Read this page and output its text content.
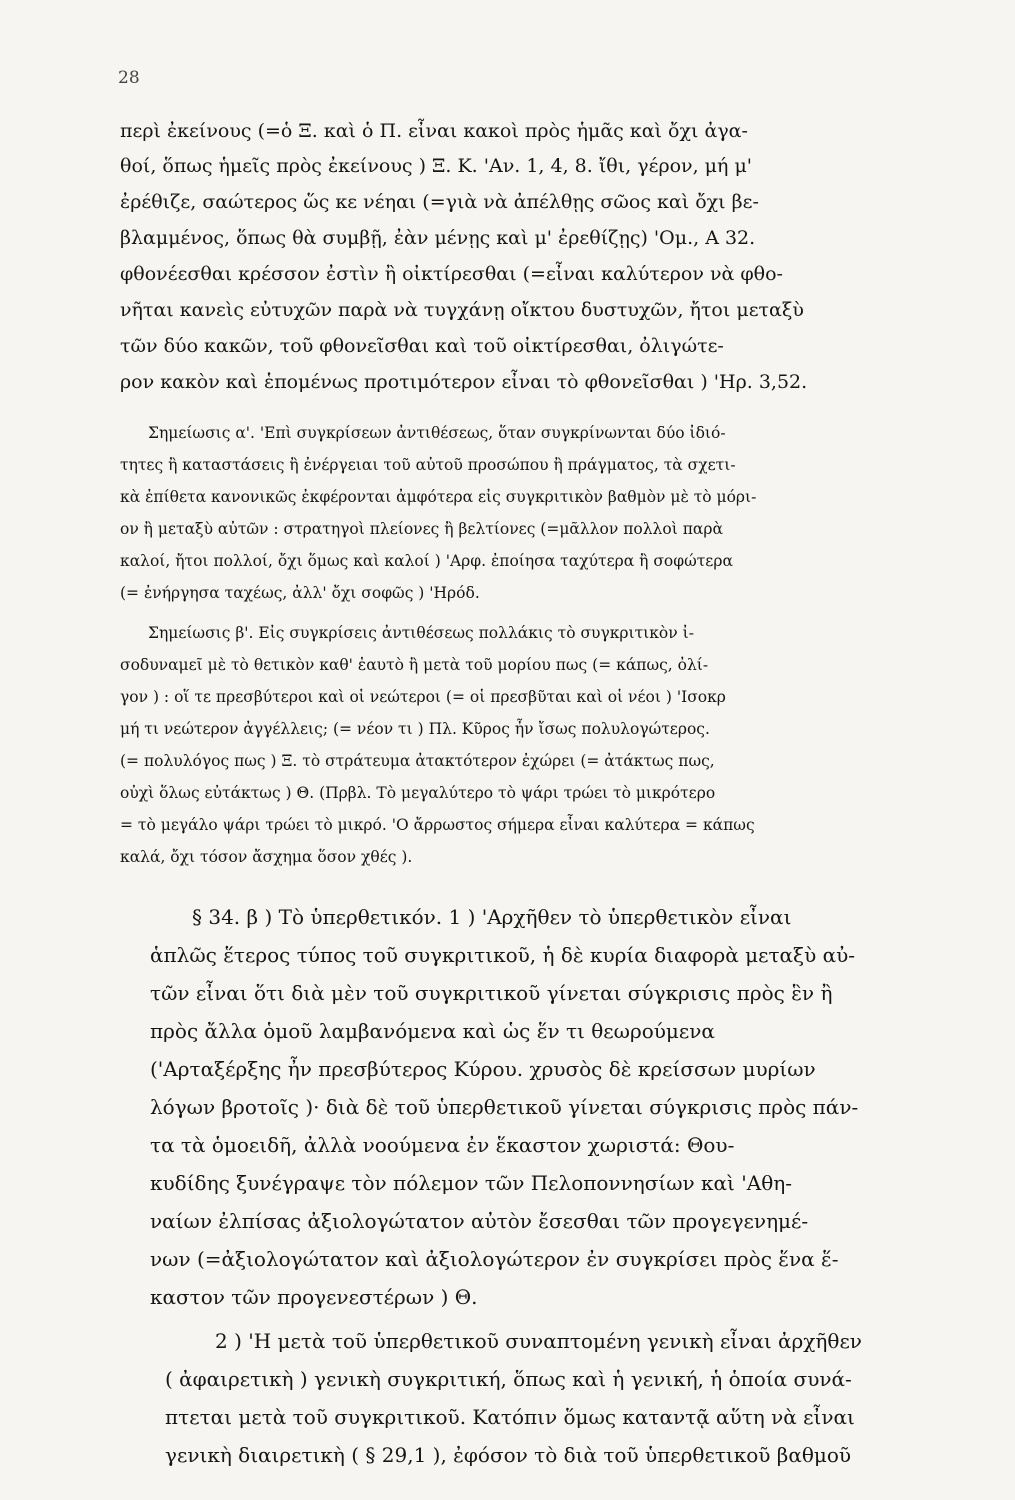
28
περὶ ἐκείνους (=ὁ Ξ. καὶ ὁ Π. εἶναι κακοὶ πρὸς ἡμᾶς καὶ ὄχι ἀγα-
θοί, ὅπως ἡμεῖς πρὸς ἐκείνους ) Ξ. Κ. 'Αν. 1, 4, 8. ἴθι, γέρον, μή μ'
ἐρέθιζε, σαώτερος ὥς κε νέηαι (=γιὰ νὰ ἀπέλθῃς σῶος καὶ ὄχι βε-
βλαμμένος, ὅπως θὰ συμβῇ, ἐὰν μένῃς καὶ μ' ἐρεθίζῃς) 'Ομ., Α 32.
φθονέεσθαι κρέσσον ἐστὶν ἢ οἰκτίρεσθαι (=εἶναι καλύτερον νὰ φθο-
νῆται κανεὶς εὐτυχῶν παρὰ νὰ τυγχάνῃ οἴκτου δυστυχῶν, ἤτοι μεταξὺ
τῶν δύο κακῶν, τοῦ φθονεῖσθαι καὶ τοῦ οἰκτίρεσθαι, ὀλιγώτε-
ρον κακὸν καὶ ἑπομένως προτιμότερον εἶναι τὸ φθονεῖσθαι ) 'Ηρ. 3,52.
Σημείωσις α'. 'Επὶ συγκρίσεων ἀντιθέσεως, ὅταν συγκρίνωνται δύο ἰδιό-
τητες ἢ καταστάσεις ἢ ἐνέργειαι τοῦ αὐτοῦ προσώπου ἢ πράγματος, τὰ σχετι-
κὰ ἐπίθετα κανονικῶς ἐκφέρονται ἀμφότερα εἰς συγκριτικὸν βαθμὸν μὲ τὸ μόρι-
ον ἢ μεταξὺ αὐτῶν : στρατηγοὶ πλείονες ἢ βελτίονες (=μᾶλλον πολλοὶ παρὰ
καλοί, ἤτοι πολλοί, ὄχι ὅμως καὶ καλοί ) 'Αρφ. ἐποίησα ταχύτερα ἢ σοφώτερα
(= ἐνήργησα ταχέως, ἀλλ' ὄχι σοφῶς ) 'Ηρόδ.
Σημείωσις β'. Εἰς συγκρίσεις ἀντιθέσεως πολλάκις τὸ συγκριτικὸν ἰ-
σοδυναμεῖ μὲ τὸ θετικὸν καθ' ἑαυτὸ ἢ μετὰ τοῦ μορίου πως (= κάπως, ὀλί-
γον ) : οἵ τε πρεσβύτεροι καὶ οἱ νεώτεροι (= οἱ πρεσβῦται καὶ οἱ νέοι ) 'Ισοκρ
μή τι νεώτερον ἀγγέλλεις; (= νέον τι ) Πλ. Κῦρος ἦν ἴσως πολυλογώτερος.
(= πολυλόγος πως ) Ξ. τὸ στράτευμα ἀτακτότερον ἐχώρει (= ἀτάκτως πως,
οὐχὶ ὅλως εὐτάκτως ) Θ. (Πρβλ. Τὸ μεγαλύτερο τὸ ψάρι τρώει τὸ μικρότερο
= τὸ μεγάλο ψάρι τρώει τὸ μικρό. 'Ο ἄρρωστος σήμερα εἶναι καλύτερα = κάπως
καλά, ὄχι τόσον ἄσχημα ὅσον χθές ).
§ 34. β ) Τὸ ὑπερθετικόν. 1 ) 'Αρχῆθεν τὸ ὑπερθετικὸν εἶναι
ἁπλῶς ἕτερος τύπος τοῦ συγκριτικοῦ, ἡ δὲ κυρία διαφορὰ μεταξὺ αὐ-
τῶν εἶναι ὅτι διὰ μὲν τοῦ συγκριτικοῦ γίνεται σύγκρισις πρὸς ἓν ἢ
πρὸς ἄλλα ὁμοῦ λαμβανόμενα καὶ ὡς ἕν τι θεωρούμενα
('Αρταξέρξης ἦν πρεσβύτερος Κύρου. χρυσὸς δὲ κρείσσων μυρίων
λόγων βροτοῖς )· διὰ δὲ τοῦ ὑπερθετικοῦ γίνεται σύγκρισις πρὸς πάν-
τα τὰ ὁμοειδῆ, ἀλλὰ νοούμενα ἐν ἕκαστον χωριστά: Θου-
κυδίδης ξυνέγραψε τὸν πόλεμον τῶν Πελοποννησίων καὶ 'Αθη-
ναίων ἐλπίσας ἀξιολογώτατον αὐτὸν ἔσεσθαι τῶν προγεγενημέ-
νων (=ἀξιολογώτατον καὶ ἀξιολογώτερον ἐν συγκρίσει πρὸς ἕνα ἕ-
καστον τῶν προγενεστέρων ) Θ.
2 ) 'Η μετὰ τοῦ ὑπερθετικοῦ συναπτομένη γενικὴ εἶναι ἀρχῆθεν
( ἀφαιρετικὴ ) γενικὴ συγκριτική, ὅπως καὶ ἡ γενική, ἡ ὁποία συνά-
πτεται μετὰ τοῦ συγκριτικοῦ. Κατόπιν ὅμως καταντᾷ αὕτη νὰ εἶναι
γενικὴ διαιρετικὴ ( § 29,1 ), ἐφόσον τὸ διὰ τοῦ ὑπερθετικοῦ βαθμοῦ
